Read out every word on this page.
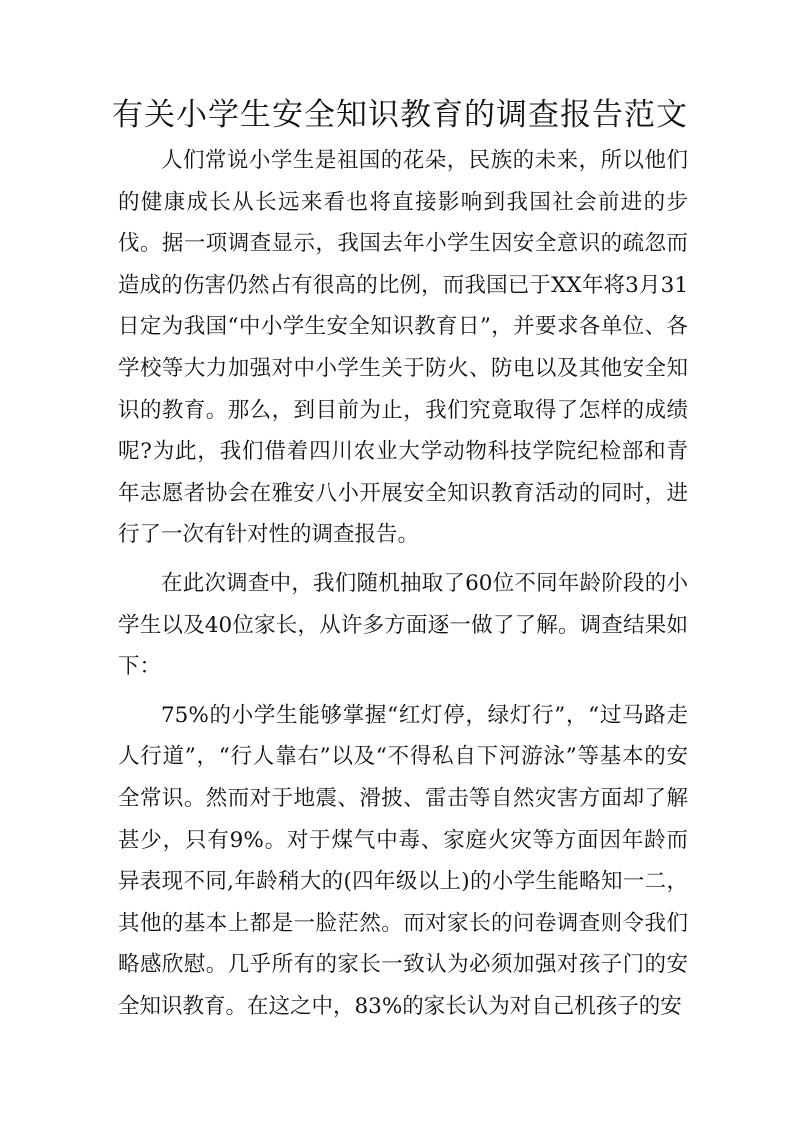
有关小学生安全知识教育的调查报告范文

人们常说小学生是祖国的花朵，民族的未来，所以他们的健康成长从长远来看也将直接影响到我国社会前进的步伐。据一项调查显示，我国去年小学生因安全意识的疏忽而造成的伤害仍然占有很高的比例，而我国已于XX年将3月31日定为我国“中小学生安全知识教育日”，并要求各单位、各学校等大力加强对中小学生关于防火、防电以及其他安全知识的教育。那么，到目前为止，我们究竟取得了怎样的成绩呢?为此，我们借着四川农业大学动物科技学院纪检部和青年志愿者协会在雅安八小开展安全知识教育活动的同时，进行了一次有针对性的调查报告。

在此次调查中，我们随机抽取了60位不同年龄阶段的小学生以及40位家长，从许多方面逐一做了了解。调查结果如下：

75%的小学生能够掌握“红灯停，绿灯行”，“过马路走人行道”，“行人靠右”以及“不得私自下河游泳”等基本的安全常识。然而对于地震、滑披、雷击等自然灾害方面却了解甚少，只有9%。对于煤气中毒、家庭火灾等方面因年龄而异表现不同,年龄稍大的(四年级以上)的小学生能略知一二，其他的基本上都是一脸茫然。而对家长的问卷调查则令我们略感欣慰。几乎所有的家长一致认为必须加强对孩子门的安全知识教育。在这之中，83%的家长认为对自己机孩子的安
